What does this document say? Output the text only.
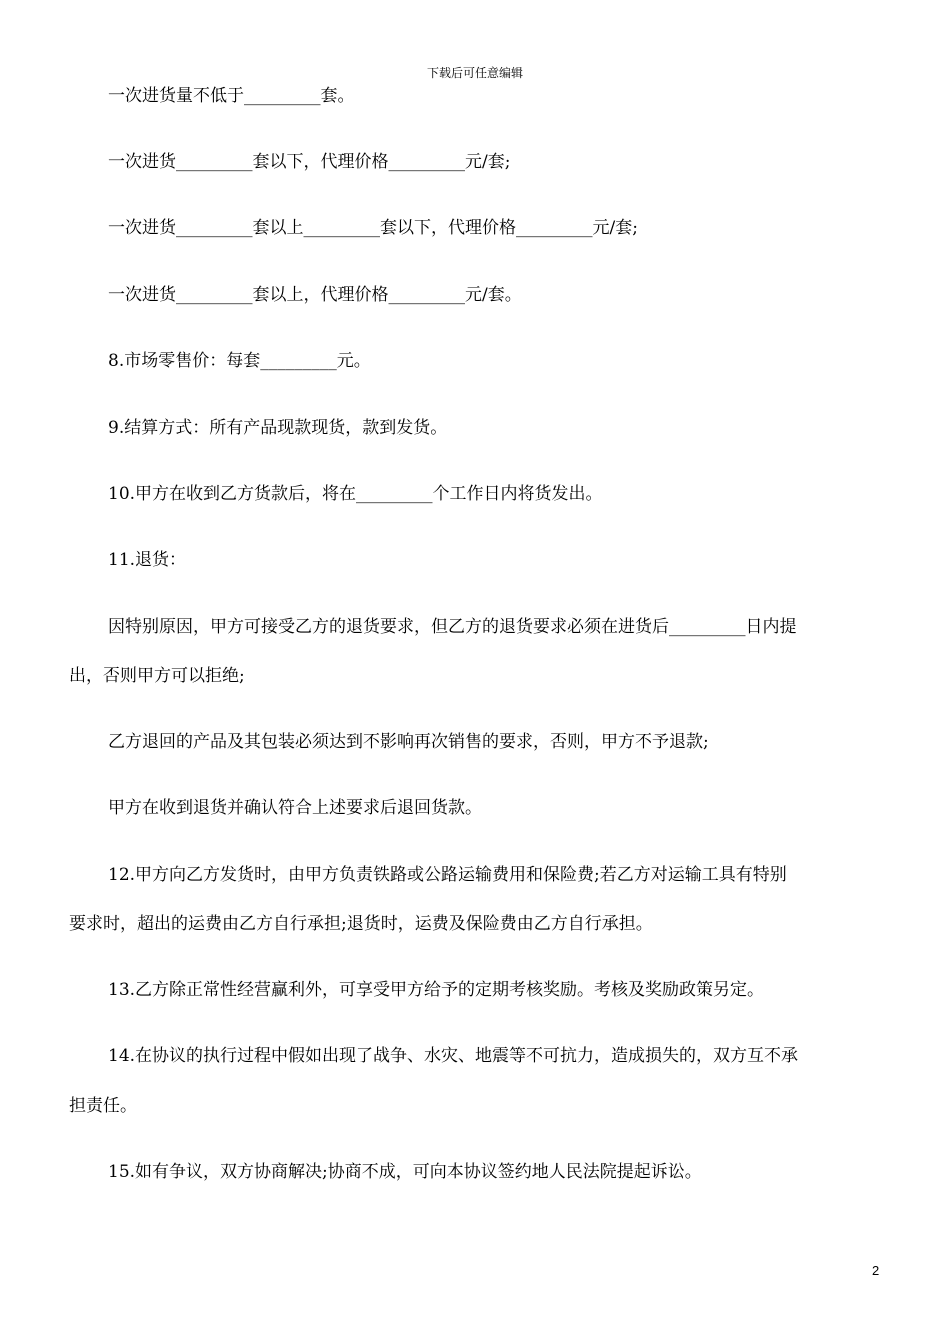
下载后可任意编辑
一次进货量不低于_________套。
一次进货_________套以下，代理价格_________元/套;
一次进货_________套以上_________套以下，代理价格_________元/套;
一次进货_________套以上，代理价格_________元/套。
8.市场零售价：每套_________元。
9.结算方式：所有产品现款现货，款到发货。
10.甲方在收到乙方货款后，将在_________个工作日内将货发出。
11.退货：
因特别原因，甲方可接受乙方的退货要求，但乙方的退货要求必须在进货后_________日内提
出，否则甲方可以拒绝;
乙方退回的产品及其包装必须达到不影响再次销售的要求，否则，甲方不予退款;
甲方在收到退货并确认符合上述要求后退回货款。
12.甲方向乙方发货时，由甲方负责铁路或公路运输费用和保险费;若乙方对运输工具有特别
要求时，超出的运费由乙方自行承担;退货时，运费及保险费由乙方自行承担。
13.乙方除正常性经营赢利外，可享受甲方给予的定期考核奖励。考核及奖励政策另定。
14.在协议的执行过程中假如出现了战争、水灾、地震等不可抗力，造成损失的，双方互不承
担责任。
15.如有争议，双方协商解决;协商不成，可向本协议签约地人民法院提起诉讼。
2
